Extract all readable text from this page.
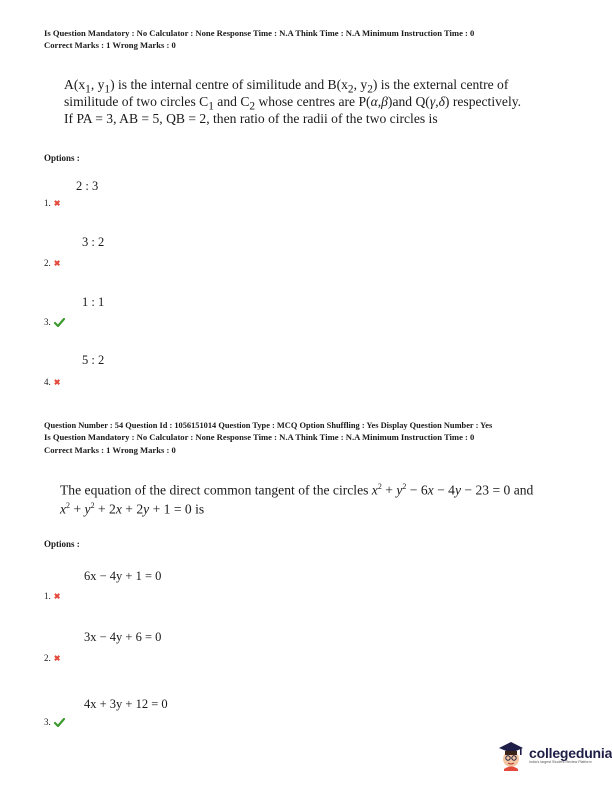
Is Question Mandatory : No Calculator : None Response Time : N.A Think Time : N.A Minimum Instruction Time : 0
Correct Marks : 1 Wrong Marks : 0
$A(x_1$, $y_1$) is the internal centre of similitude and $B(x_2$, $y_2$) is the external centre of
similitude of two circles $C_1$ and $C_2$ whose centres are P(α,β)and Q(γ,δ) respectively.
If PA = 3, AB = 5, QB = 2, then ratio of the radii of the two circles is
Options :
2 : 3
1. ✖
3 : 2
2. ✖
1 : 1
3.
5 : 2
4. ✖
Question Number : 54 Question Id : 1056151014 Question Type : MCQ Option Shuffling : Yes Display Question Number : Yes
Is Question Mandatory : No Calculator : None Response Time : N.A Think Time : N.A Minimum Instruction Time : 0
Correct Marks : 1 Wrong Marks : 0
The equation of the direct common tangent of the circles $x^2 + y^2 - 6x - 4y - 23 = 0$ and
$x^2 + y^2 + 2x + 2y + 1 = 0$ is
Options :
6x − 4y + 1 = 0
1. ✖
3x − 4y + 6 = 0
2. ✖
4x + 3y + 12 = 0
3.
collegedunia
India's largest Student Review Platform
